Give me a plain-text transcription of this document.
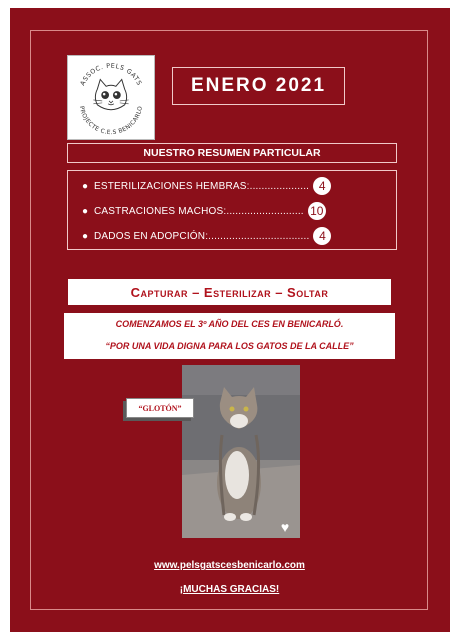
ASSOC. PELS GATS
PROJECTE C.E.S BENICARLO
ENERO 2021
NUESTRO RESUMEN PARTICULAR
● ESTERILIZACIONES HEMBRAS:.................... 4
● CASTRACIONES MACHOS:.......................... 10
● DADOS EN ADOPCIÓN:.................................. 4
Capturar – Esterilizar – Soltar
COMENZAMOS EL 3º AÑO DEL CES EN BENICARLÓ.
“POR UNA VIDA DIGNA PARA LOS GATOS DE LA CALLE”
“GLOTÓN”
♥
www.pelsgatscesbenicarlo.com
¡MUCHAS GRACIAS!
